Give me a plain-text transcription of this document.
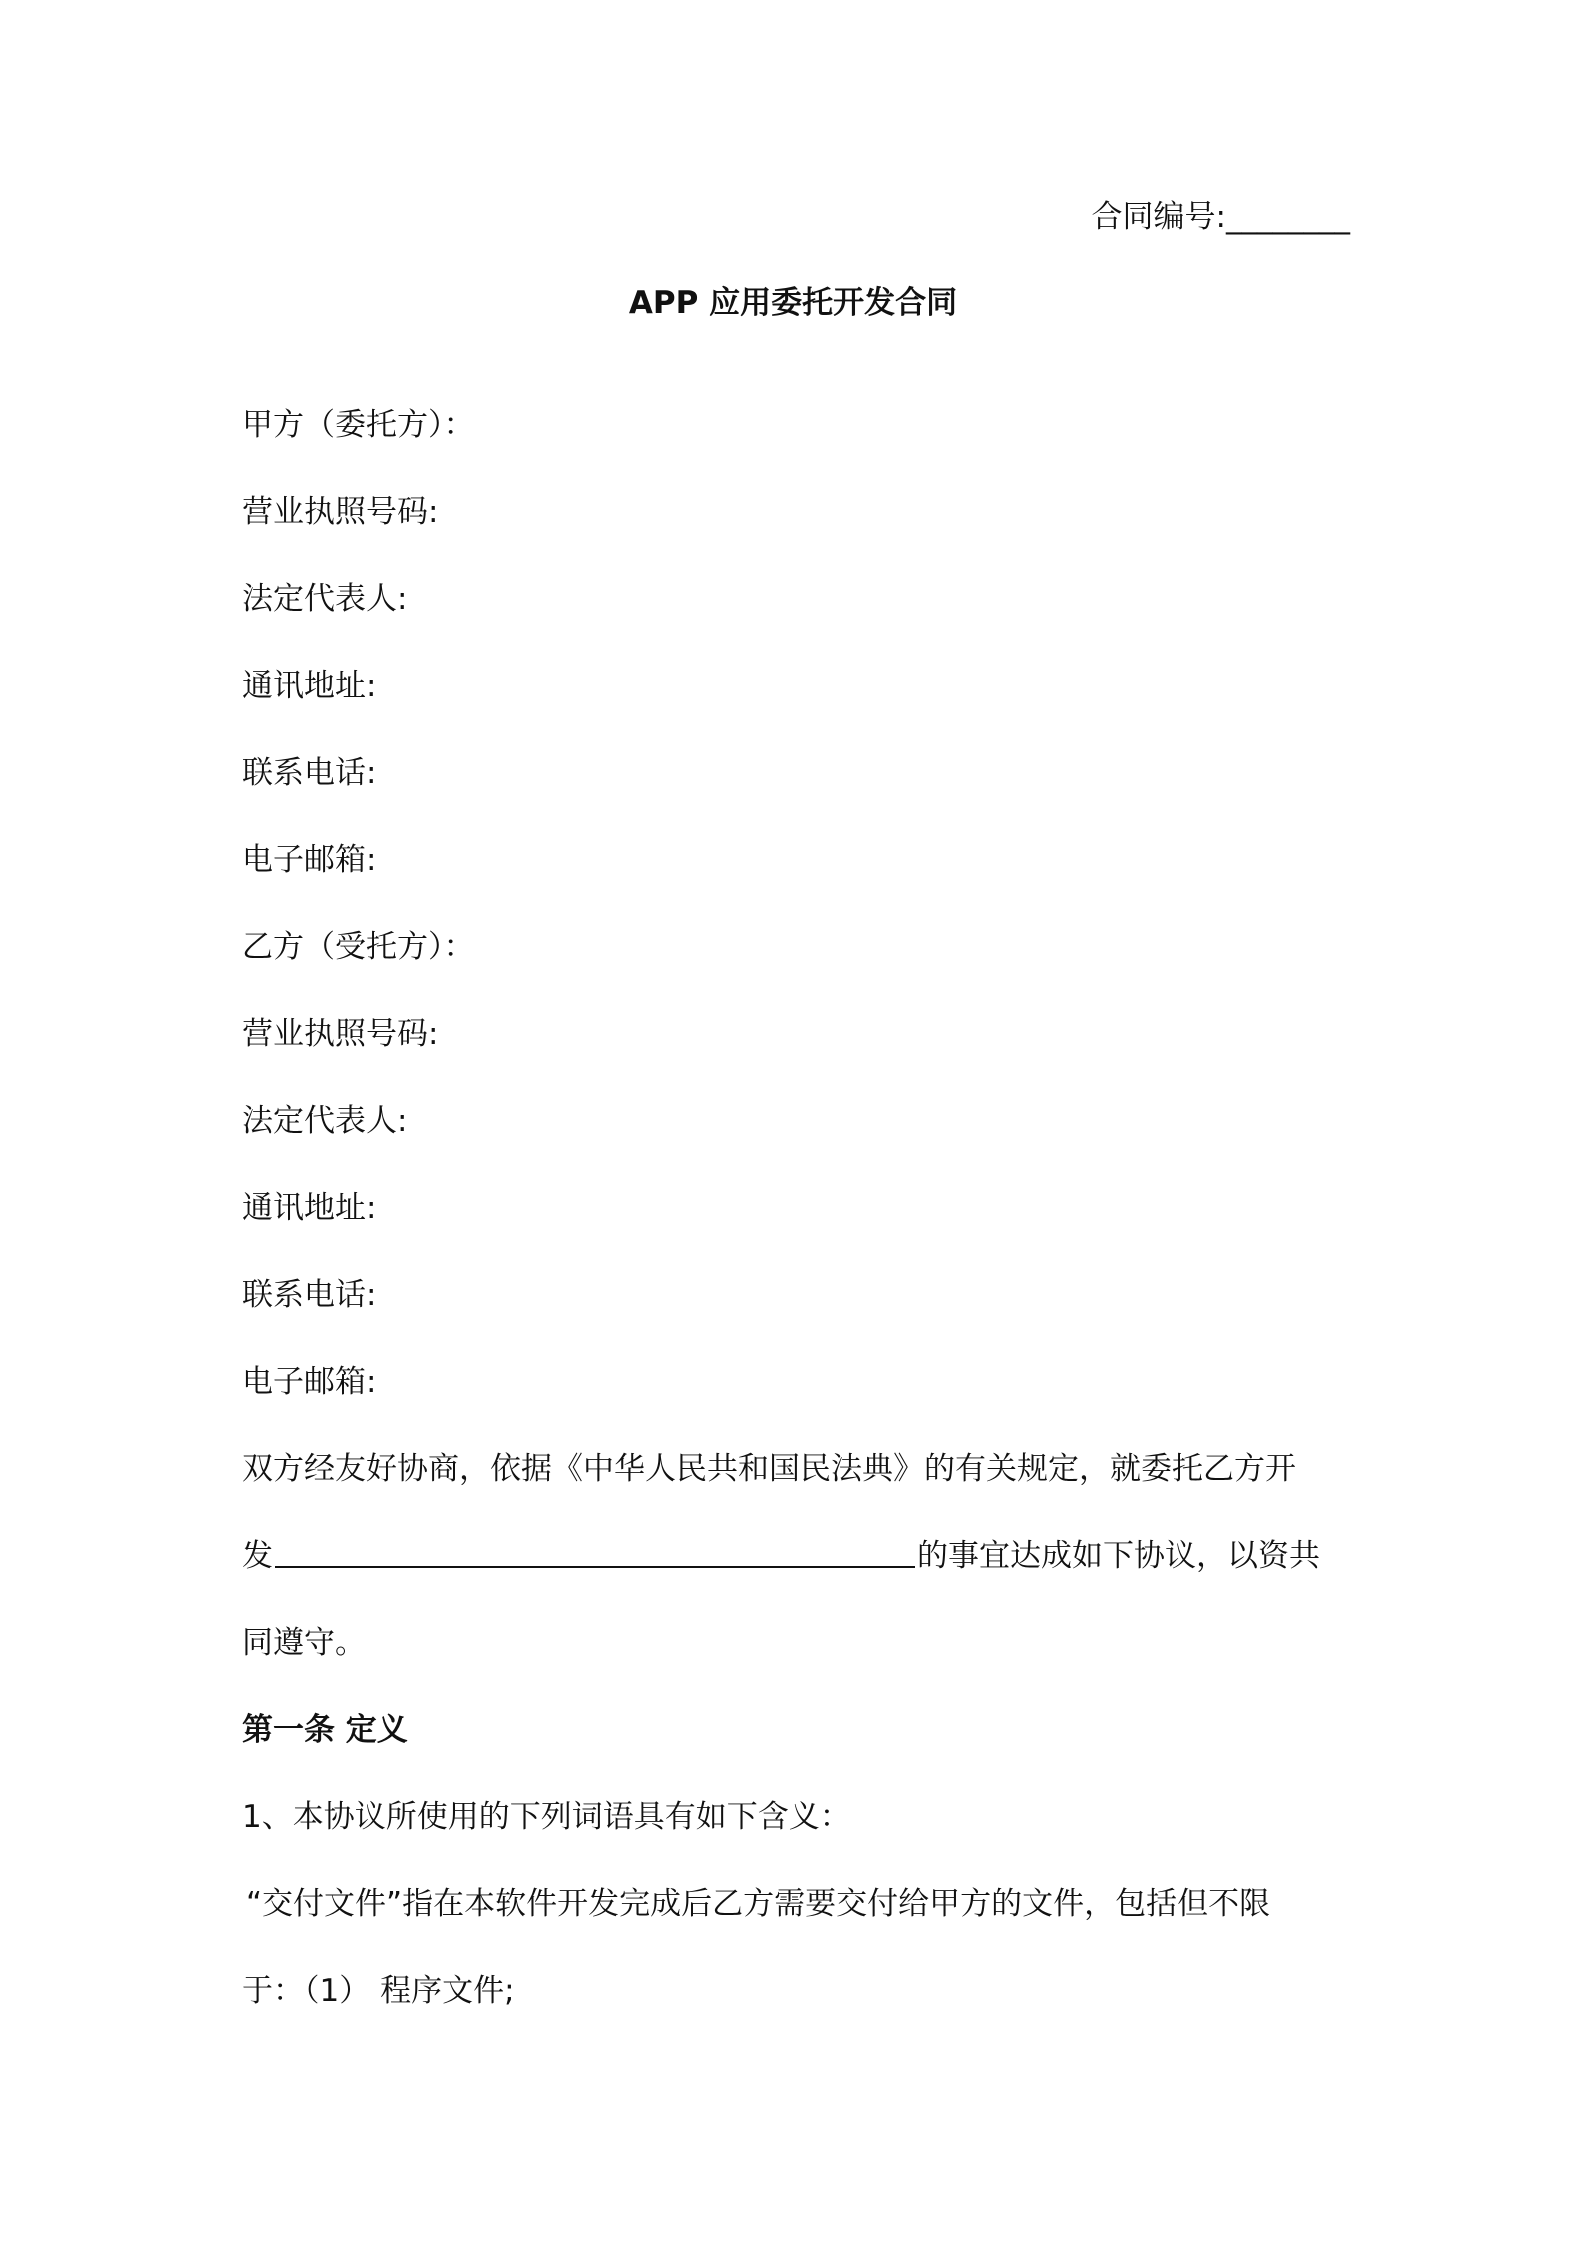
合同编号:________
APP 应用委托开发合同
甲方（委托方）：
营业执照号码:
法定代表人:
通讯地址:
联系电话:
电子邮箱:
乙方（受托方）：
营业执照号码:
法定代表人:
通讯地址:
联系电话:
电子邮箱:
双方经友好协商，依据《中华人民共和国民法典》的有关规定，就委托乙方开
发	的事宜达成如下协议，以资共
同遵守。
第一条 定义
1、本协议所使用的下列词语具有如下含义：
“交付文件”指在本软件开发完成后乙方需要交付给甲方的文件，包括但不限
于：（1） 程序文件;
